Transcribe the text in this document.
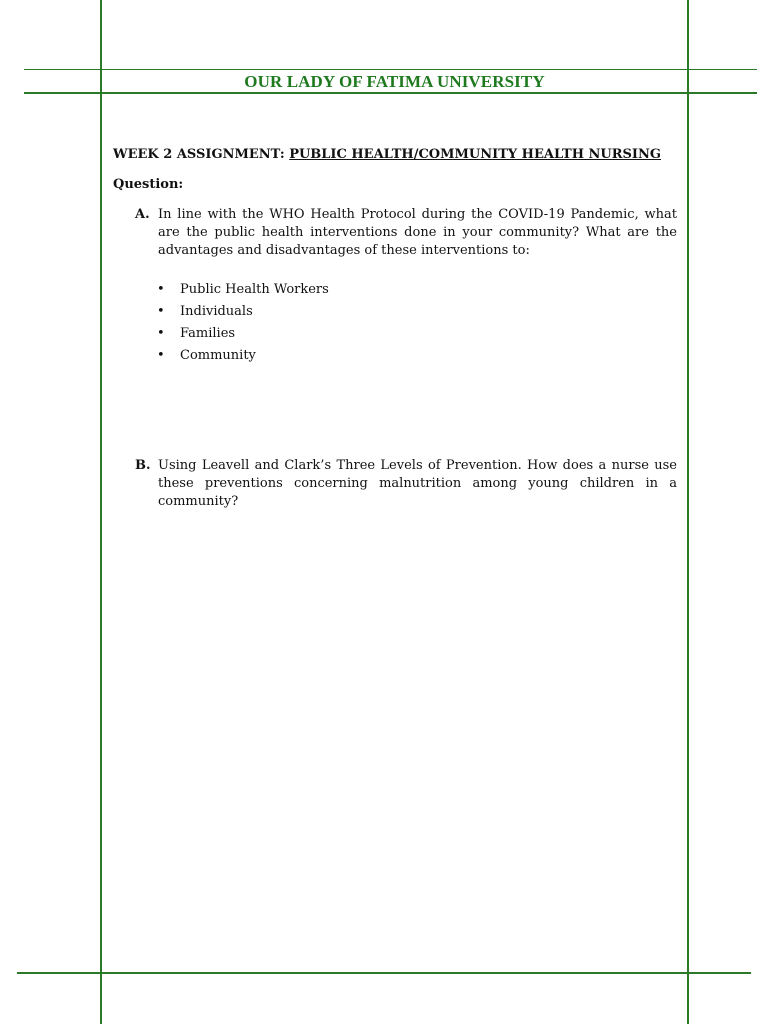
OUR LADY OF FATIMA UNIVERSITY

WEEK 2 ASSIGNMENT: PUBLIC HEALTH/COMMUNITY HEALTH NURSING

Question:

A. In line with the WHO Health Protocol during the COVID-19 Pandemic, what are the public health interventions done in your community? What are the advantages and disadvantages of these interventions to:
• Public Health Workers
• Individuals
• Families
• Community
B. Using Leavell and Clark’s Three Levels of Prevention. How does a nurse use these preventions concerning malnutrition among young children in a community?
